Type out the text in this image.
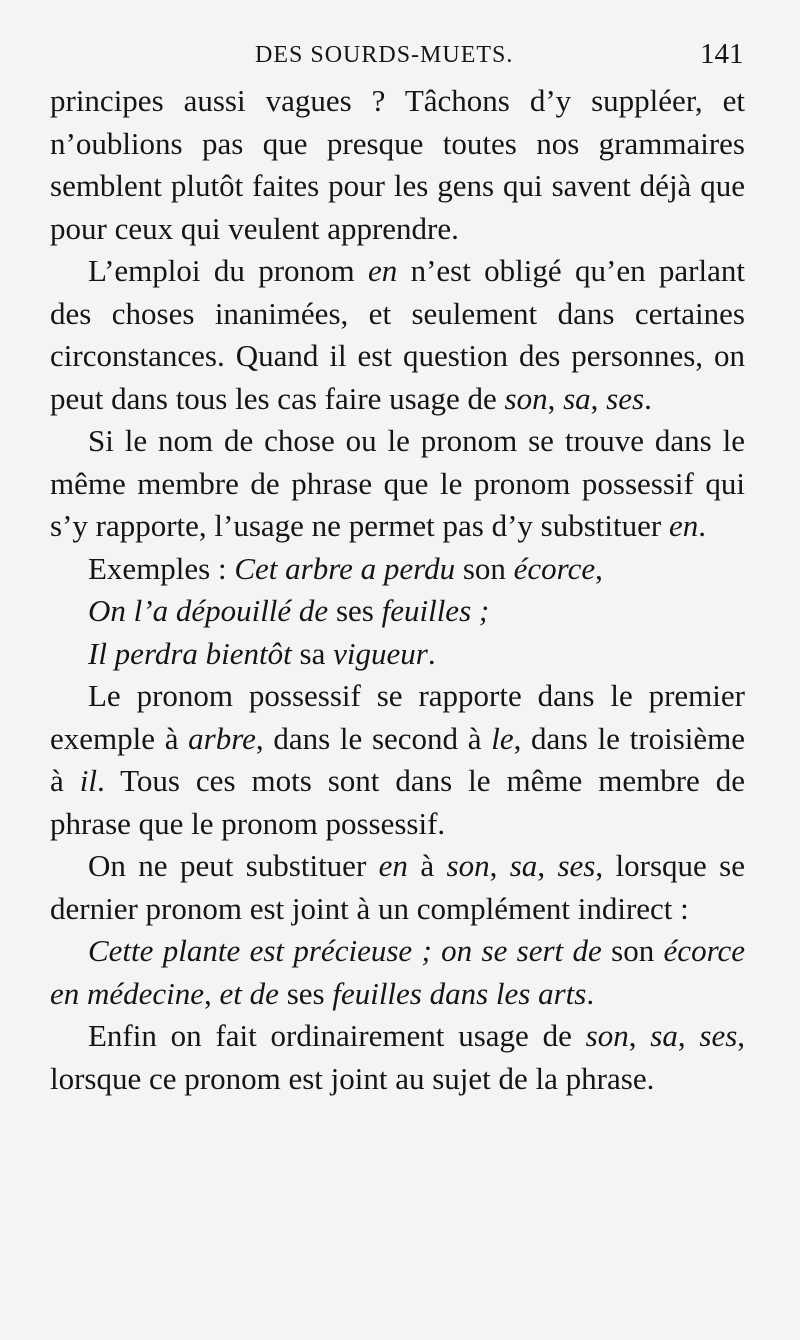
DES SOURDS-MUETS.	141

principes aussi vagues ? Tâchons d’y suppléer, et n’oublions pas que presque toutes nos grammaires semblent plutôt faites pour les gens qui savent déjà que pour ceux qui veulent apprendre.

L’emploi du pronom en n’est obligé qu’en parlant des choses inanimées, et seulement dans certaines circonstances. Quand il est question des personnes, on peut dans tous les cas faire usage de son, sa, ses.

Si le nom de chose ou le pronom se trouve dans le même membre de phrase que le pronom possessif qui s’y rapporte, l’usage ne permet pas d’y substituer en.

Exemples : Cet arbre a perdu son écorce,

On l’a dépouillé de ses feuilles ;

Il perdra bientôt sa vigueur.

Le pronom possessif se rapporte dans le premier exemple à arbre, dans le second à le, dans le troisième à il. Tous ces mots sont dans le même membre de phrase que le pronom possessif.

On ne peut substituer en à son, sa, ses, lorsque se dernier pronom est joint à un complément indirect :

Cette plante est précieuse ; on se sert de son écorce en médecine, et de ses feuilles dans les arts.

Enfin on fait ordinairement usage de son, sa, ses, lorsque ce pronom est joint au sujet de la phrase.
